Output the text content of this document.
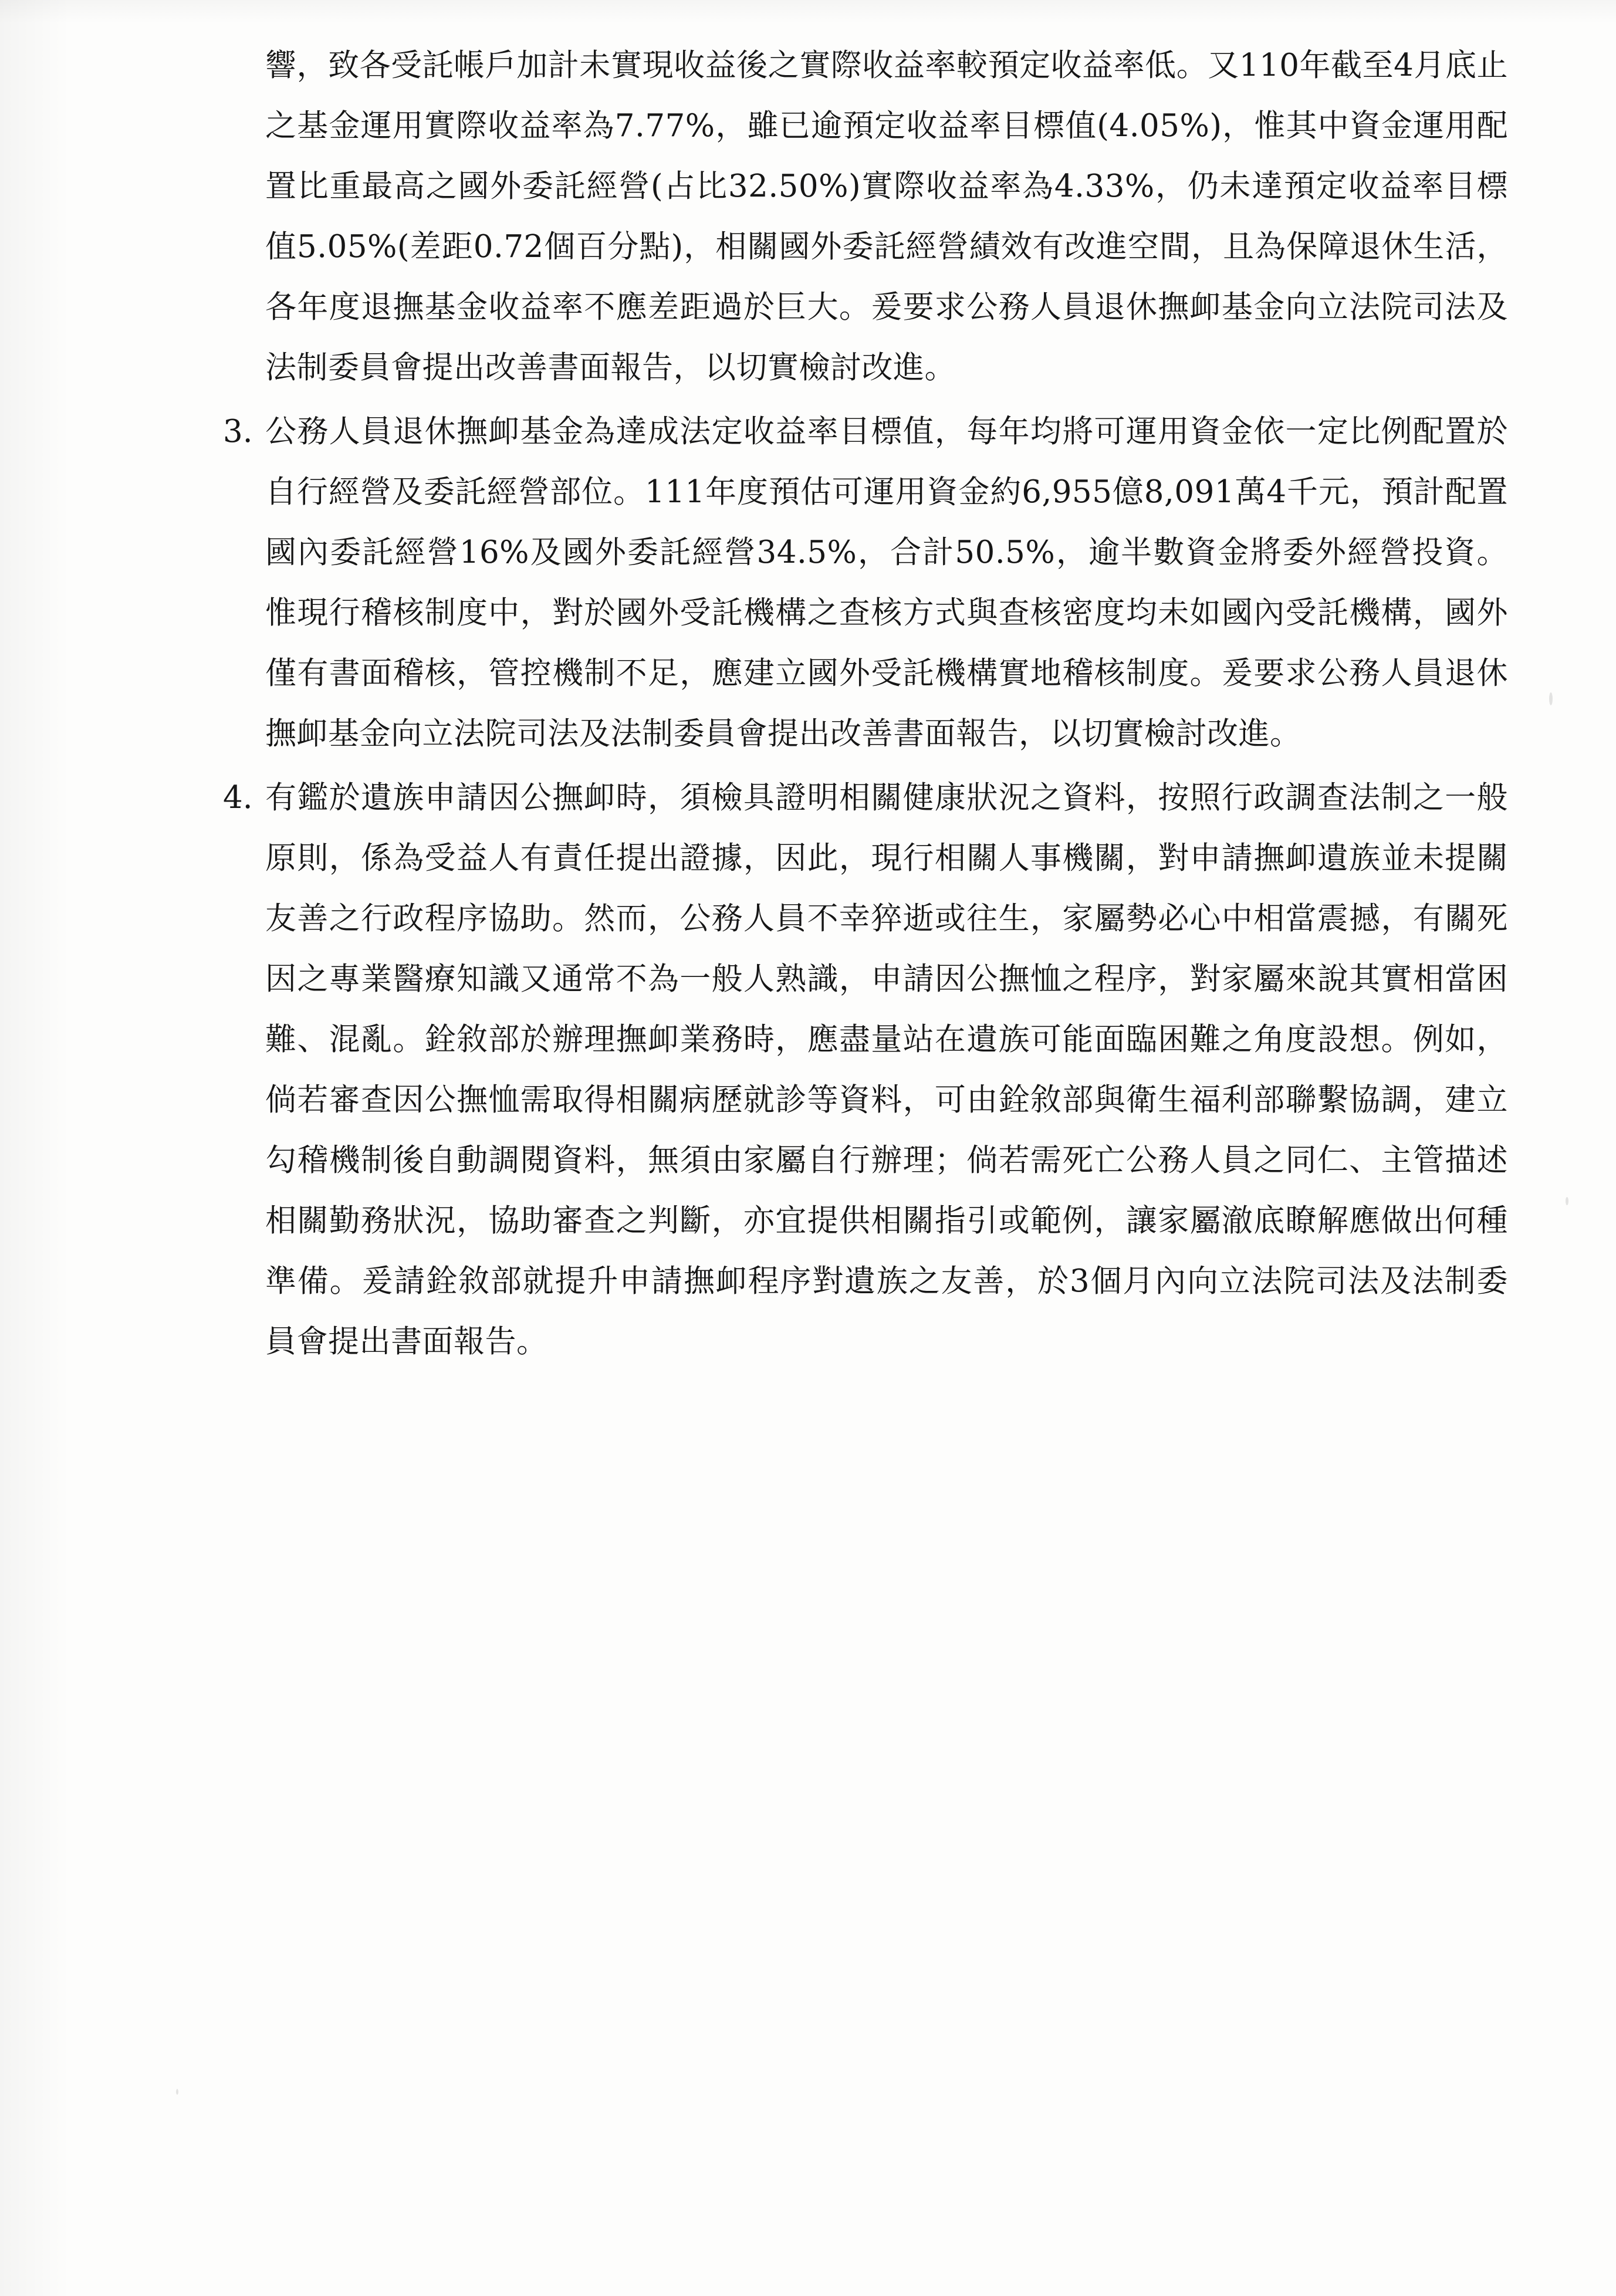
響，致各受託帳戶加計未實現收益後之實際收益率較預定收益率低。又110年截至4月底止之基金運用實際收益率為7.77%，雖已逾預定收益率目標值(4.05%)，惟其中資金運用配置比重最高之國外委託經營(占比32.50%)實際收益率為4.33%，仍未達預定收益率目標值5.05%(差距0.72個百分點)，相關國外委託經營績效有改進空間，且為保障退休生活，各年度退撫基金收益率不應差距過於巨大。爰要求公務人員退休撫卹基金向立法院司法及法制委員會提出改善書面報告，以切實檢討改進。
3. 公務人員退休撫卹基金為達成法定收益率目標值，每年均將可運用資金依一定比例配置於自行經營及委託經營部位。111年度預估可運用資金約6,955億8,091萬4千元，預計配置國內委託經營16%及國外委託經營34.5%，合計50.5%，逾半數資金將委外經營投資。惟現行稽核制度中，對於國外受託機構之查核方式與查核密度均未如國內受託機構，國外僅有書面稽核，管控機制不足，應建立國外受託機構實地稽核制度。爰要求公務人員退休撫卹基金向立法院司法及法制委員會提出改善書面報告，以切實檢討改進。
4. 有鑑於遺族申請因公撫卹時，須檢具證明相關健康狀況之資料，按照行政調查法制之一般原則，係為受益人有責任提出證據，因此，現行相關人事機關，對申請撫卹遺族並未提關友善之行政程序協助。然而，公務人員不幸猝逝或往生，家屬勢必心中相當震撼，有關死因之專業醫療知識又通常不為一般人熟識，申請因公撫恤之程序，對家屬來說其實相當困難、混亂。銓敘部於辦理撫卹業務時，應盡量站在遺族可能面臨困難之角度設想。例如，倘若審查因公撫恤需取得相關病歷就診等資料，可由銓敘部與衛生福利部聯繫協調，建立勾稽機制後自動調閱資料，無須由家屬自行辦理；倘若需死亡公務人員之同仁、主管描述相關勤務狀況，協助審查之判斷，亦宜提供相關指引或範例，讓家屬澈底瞭解應做出何種準備。爰請銓敘部就提升申請撫卹程序對遺族之友善，於3個月內向立法院司法及法制委員會提出書面報告。
